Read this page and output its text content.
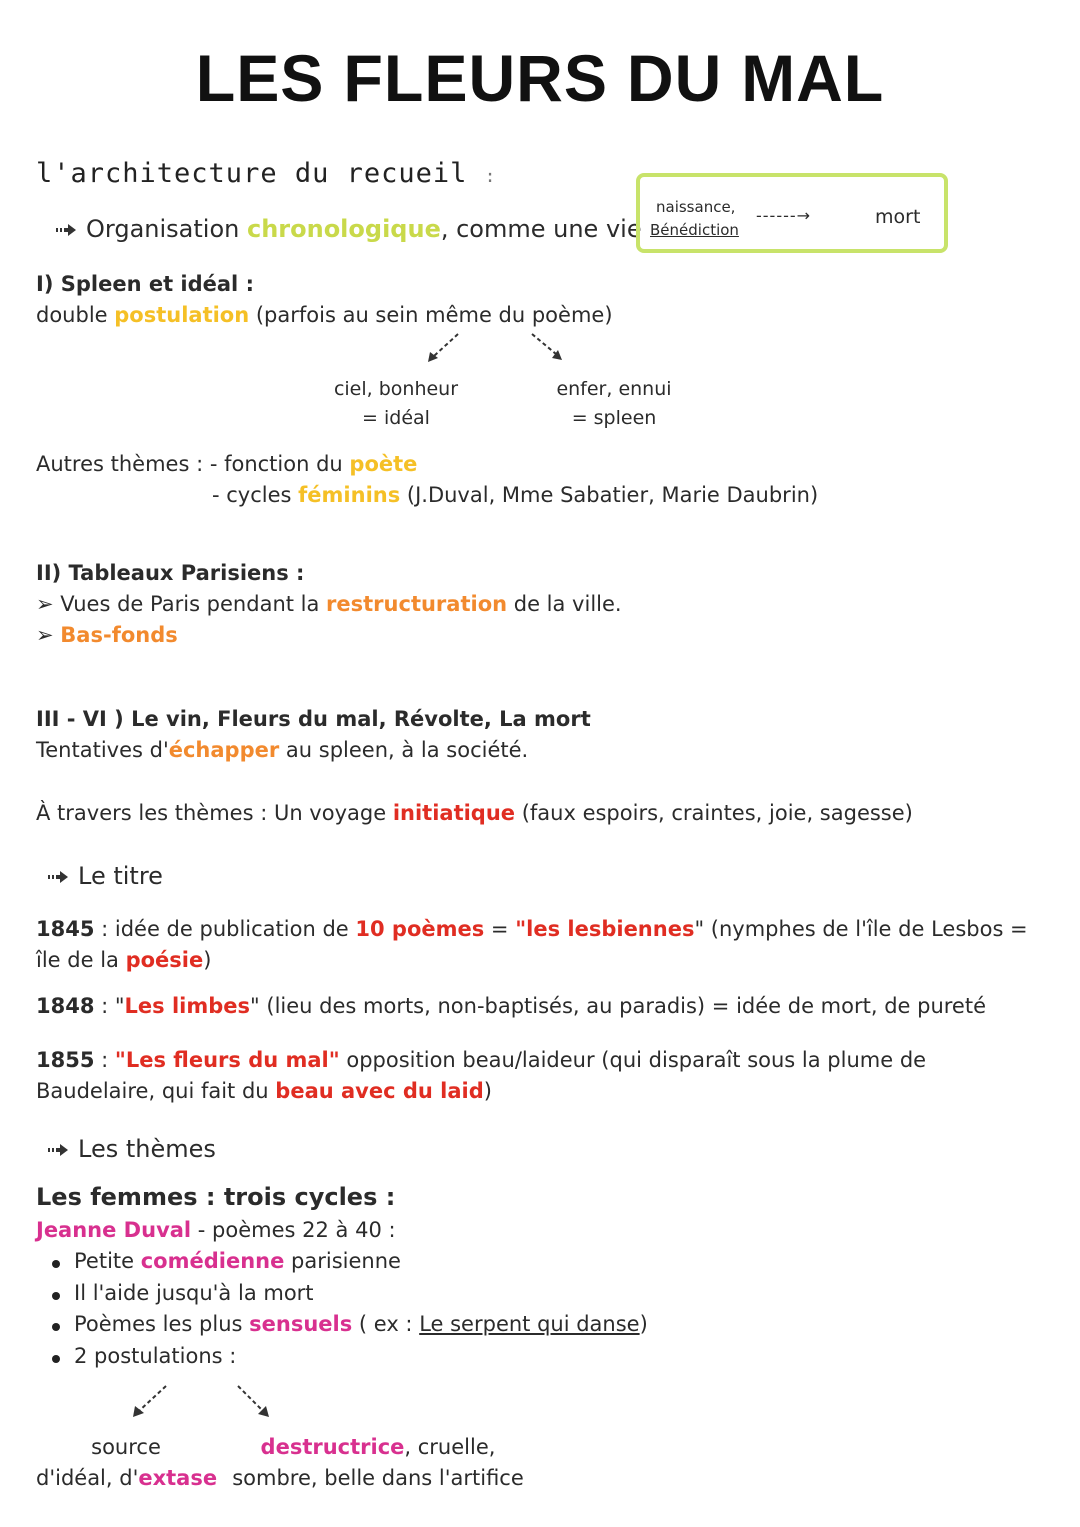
LES FLEURS DU MAL
l'architecture du recueil :
Organisation chronologique, comme une vie
naissance,
Bénédiction
------→	mort
I) Spleen et idéal :
double postulation (parfois au sein même du poème)
ciel, bonheur
= idéal
enfer, ennui
= spleen
Autres thèmes : - fonction du poète
- cycles féminins (J.Duval, Mme Sabatier, Marie Daubrin)
II) Tableaux Parisiens :
➢ Vues de Paris pendant la restructuration de la ville.
➢ Bas-fonds
III - VI ) Le vin, Fleurs du mal, Révolte, La mort
Tentatives d'échapper au spleen, à la société.
À travers les thèmes : Un voyage initiatique (faux espoirs, craintes, joie, sagesse)
Le titre
1845 : idée de publication de 10 poèmes = "les lesbiennes" (nymphes de l'île de Lesbos =
île de la poésie)
1848 : "Les limbes" (lieu des morts, non-baptisés, au paradis) = idée de mort, de pureté
1855 : "Les fleurs du mal" opposition beau/laideur (qui disparaît sous la plume de
Baudelaire, qui fait du beau avec du laid)
Les thèmes
Les femmes : trois cycles :
Jeanne Duval - poèmes 22 à 40 :
Petite comédienne parisienne
Il l'aide jusqu'à la mort
Poèmes les plus sensuels ( ex : Le serpent qui danse)
2 postulations :
source
d'idéal, d'extase
destructrice, cruelle,
sombre, belle dans l'artifice
